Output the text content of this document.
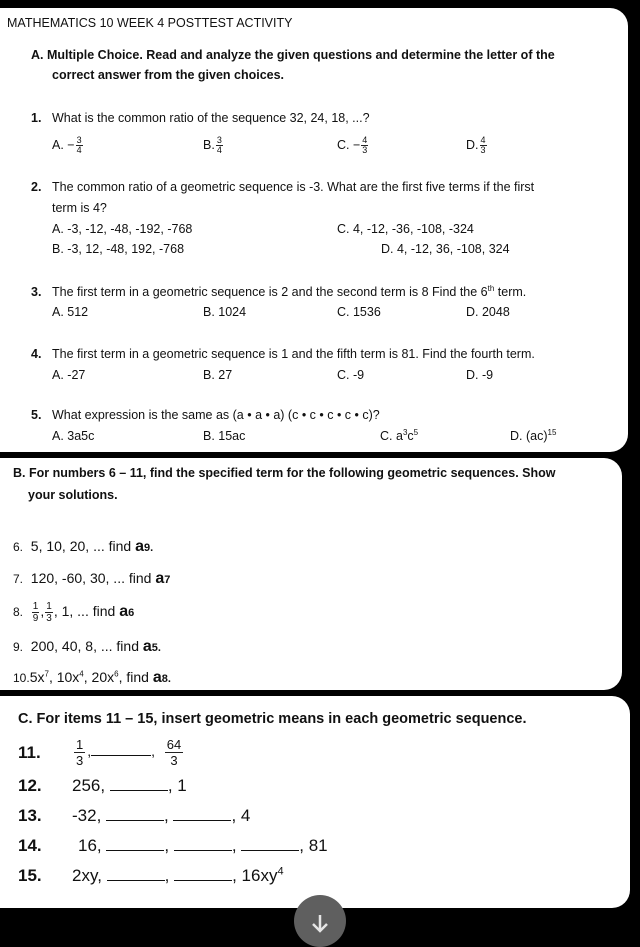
MATHEMATICS 10 WEEK 4 POSTTEST ACTIVITY
A. Multiple Choice. Read and analyze the given questions and determine the letter of the
correct answer from the given choices.
1. What is the common ratio of the sequence 32, 24, 18, ...?
A. − $\frac{3}{4}$	B. $\frac{3}{4}$	C. − $\frac{4}{3}$	D. $\frac{4}{3}$
2. The common ratio of a geometric sequence is -3. What are the first five terms if the first
term is 4?
A. -3, -12, -48, -192, -768	C. 4, -12, -36, -108, -324
B. -3, 12, -48, 192, -768	D. 4, -12, 36, -108, 324
3. The first term in a geometric sequence is 2 and the second term is 8 Find the 6th term.
A. 512	B. 1024	C. 1536	D. 2048
4. The first term in a geometric sequence is 1 and the fifth term is 81. Find the fourth term.
A. -27	B. 27	C. -9	D. -9
5. What expression is the same as (a • a • a) (c • c • c • c • c)?
A. 3a5c	B. 15ac	C. $a^3c^5$	D. (ac)$^{15}$
B. For numbers 6 – 11, find the specified term for the following geometric sequences. Show
your solutions.
6. 5, 10, 20, ... find a9.
7. 120, -60, 30, ... find a7
8. $\frac{1}{9}$ , $\frac{1}{3}$ , 1, ... find a6
9. 200, 40, 8, ... find a5.
$10.5x^7$, $10x^4$, $20x^6$, find a8.
C. For items 11 – 15, insert geometric means in each geometric sequence.
11.	$\frac{1}{3}$ ,	, $\frac{64}{3}$
12. 256,	, 1
13. -32,	,	, 4
14. 16,	,	,	, 81
15. 2xy,	,	, $16xy^4$
